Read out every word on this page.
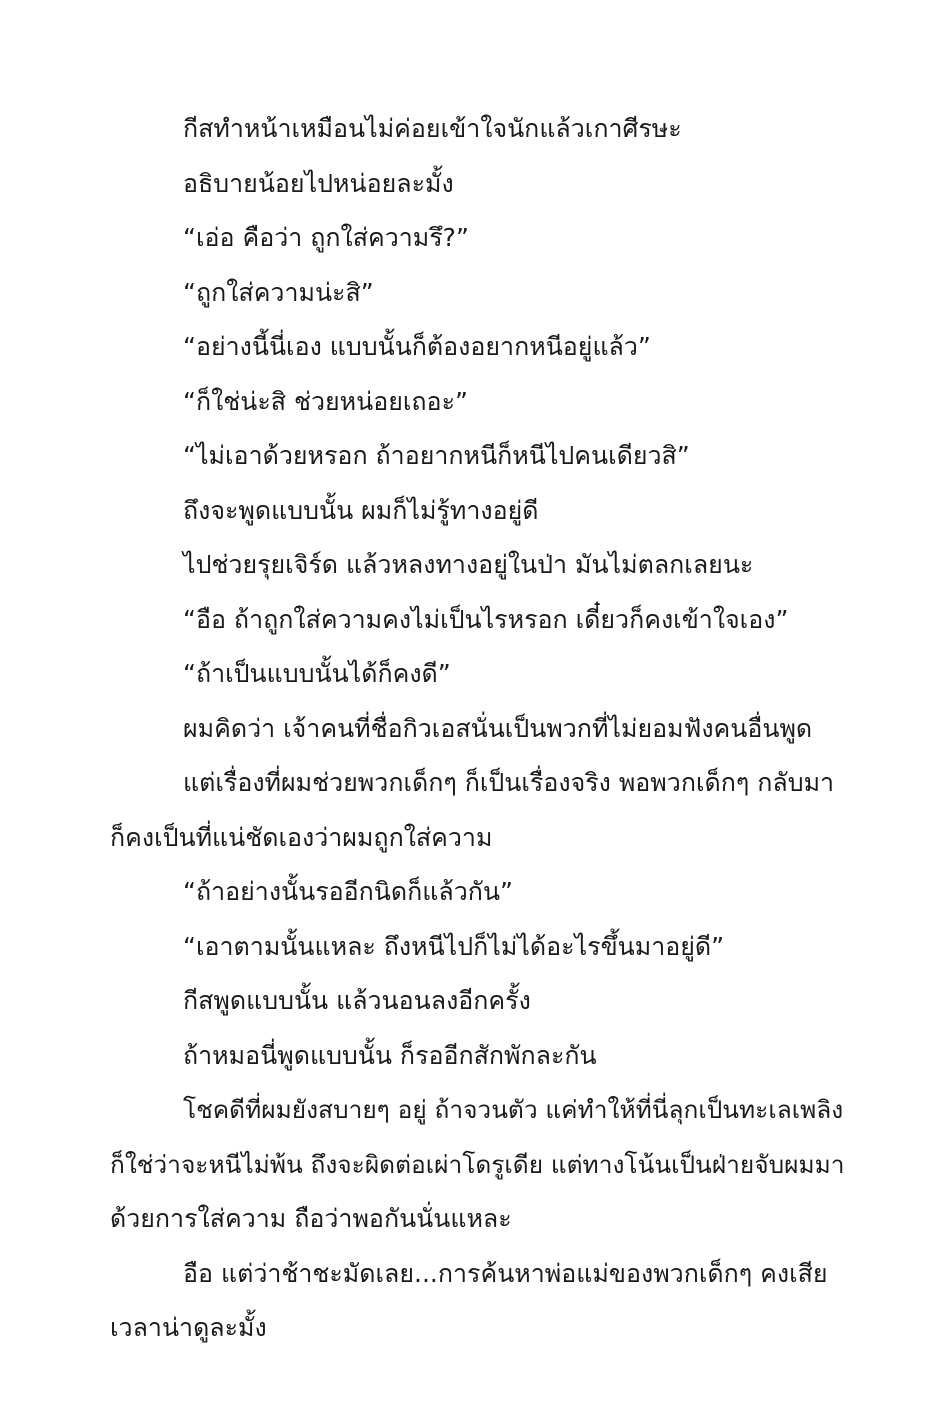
กีสทำหน้าเหมือนไม่ค่อยเข้าใจนักแล้วเกาศีรษะ
อธิบายน้อยไปหน่อยละมั้ง
“เอ่อ คือว่า ถูกใส่ความรึ?”
“ถูกใส่ความน่ะสิ”
“อย่างนี้นี่เอง แบบนั้นก็ต้องอยากหนีอยู่แล้ว”
“ก็ใช่น่ะสิ ช่วยหน่อยเถอะ”
“ไม่เอาด้วยหรอก ถ้าอยากหนีก็หนีไปคนเดียวสิ”
ถึงจะพูดแบบนั้น ผมก็ไม่รู้ทางอยู่ดี
ไปช่วยรุยเจิร์ด แล้วหลงทางอยู่ในป่า มันไม่ตลกเลยนะ
“อือ ถ้าถูกใส่ความคงไม่เป็นไรหรอก เดี๋ยวก็คงเข้าใจเอง”
“ถ้าเป็นแบบนั้นได้ก็คงดี”
ผมคิดว่า เจ้าคนที่ชื่อกิวเอสนั่นเป็นพวกที่ไม่ยอมฟังคนอื่นพูด
แต่เรื่องที่ผมช่วยพวกเด็กๆ ก็เป็นเรื่องจริง พอพวกเด็กๆ กลับมา
ก็คงเป็นที่แน่ชัดเองว่าผมถูกใส่ความ
“ถ้าอย่างนั้นรออีกนิดก็แล้วกัน”
“เอาตามนั้นแหละ ถึงหนีไปก็ไม่ได้อะไรขึ้นมาอยู่ดี”
กีสพูดแบบนั้น แล้วนอนลงอีกครั้ง
ถ้าหมอนี่พูดแบบนั้น ก็รออีกสักพักละกัน
โชคดีที่ผมยังสบายๆ อยู่ ถ้าจวนตัว แค่ทำให้ที่นี่ลุกเป็นทะเลเพลิง
ก็ใช่ว่าจะหนีไม่พ้น ถึงจะผิดต่อเผ่าโดรูเดีย แต่ทางโน้นเป็นฝ่ายจับผมมา
ด้วยการใส่ความ ถือว่าพอกันนั่นแหละ
อือ แต่ว่าช้าชะมัดเลย...การค้นหาพ่อแม่ของพวกเด็กๆ คงเสีย
เวลาน่าดูละมั้ง
